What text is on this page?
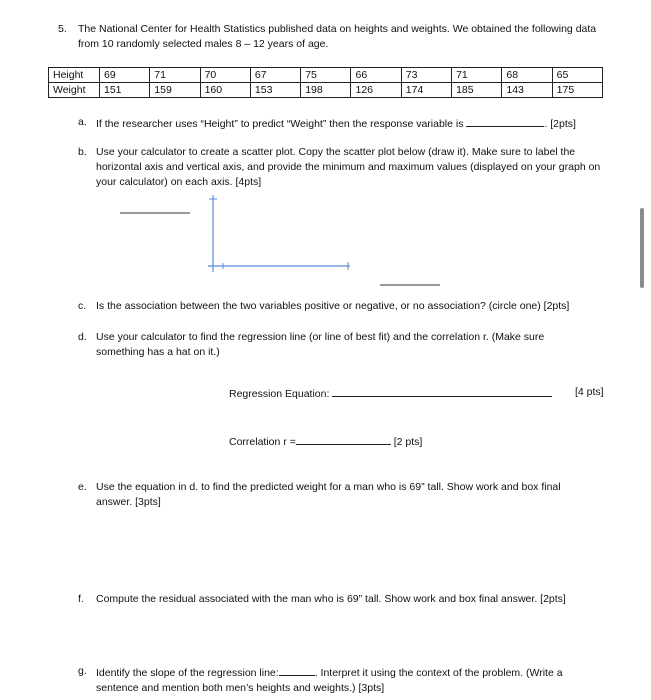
5. The National Center for Health Statistics published data on heights and weights. We obtained the following data from 10 randomly selected males 8 – 12 years of age.
Height	69	71	70	67	75	66	73	71	68	65
Weight	151	159	160	153	198	126	174	185	143	175
a. If the researcher uses “Height” to predict “Weight” then the response variable is	. [2pts]
b. Use your calculator to create a scatter plot. Copy the scatter plot below (draw it). Make sure to label the horizontal axis and vertical axis, and provide the minimum and maximum values (displayed on your graph on your calculator) on each axis. [4pts]
c. Is the association between the two variables positive or negative, or no association? (circle one) [2pts]
d. Use your calculator to find the regression line (or line of best fit) and the correlation r. (Make sure something has a hat on it.)
Regression Equation:	[4 pts]
Correlation r =	[2 pts]
e. Use the equation in d. to find the predicted weight for a man who is 69” tall. Show work and box final answer. [3pts]
f. Compute the residual associated with the man who is 69” tall. Show work and box final answer. [2pts]
g. Identify the slope of the regression line:	. Interpret it using the context of the problem. (Write a sentence and mention both men’s heights and weights.) [3pts]
